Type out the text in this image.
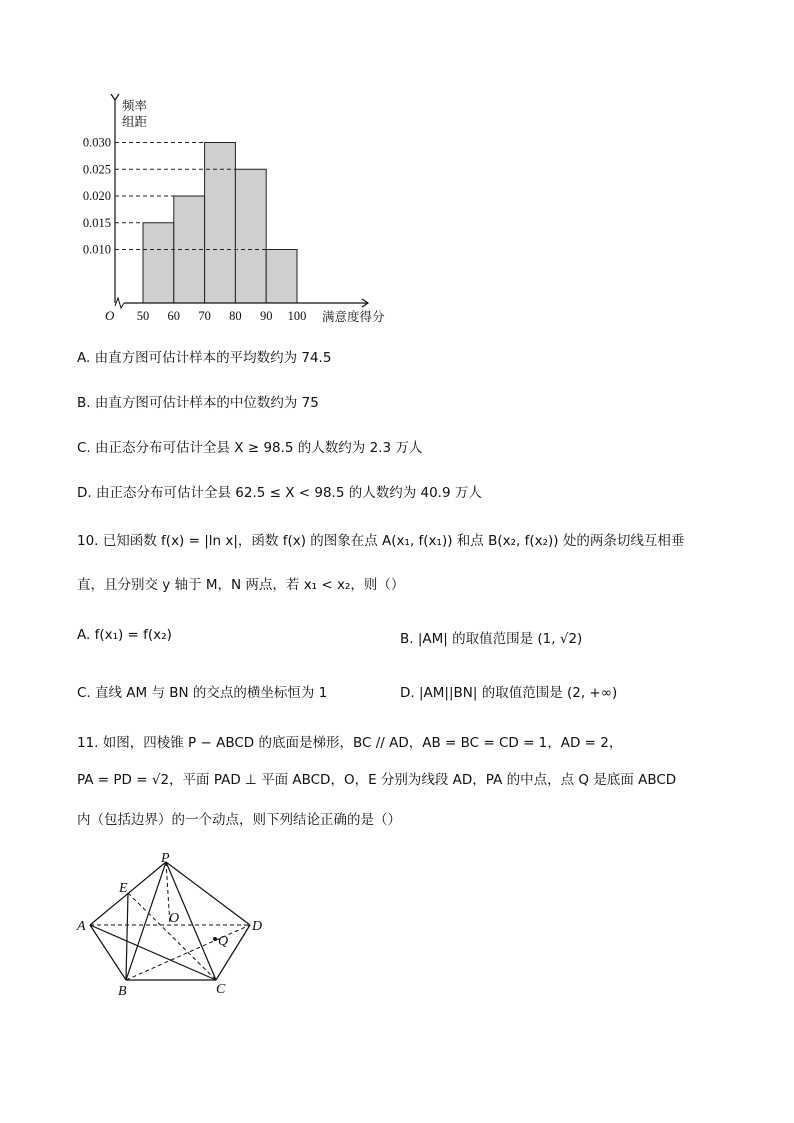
0.010
0.015
0.020
0.025
0.030
50 60 70 80 90 100
O
频率
组距
满意度得分
A. 由直方图可估计样本的平均数约为 74.5
B. 由直方图可估计样本的中位数约为 75
C. 由正态分布可估计全县 X ≥ 98.5 的人数约为 2.3 万人
D. 由正态分布可估计全县 62.5 ≤ X < 98.5 的人数约为 40.9 万人
10. 已知函数 f(x) = |ln x|，函数 f(x) 的图象在点 A(x₁, f(x₁)) 和点 B(x₂, f(x₂)) 处的两条切线互相垂
直，且分别交 y 轴于 M，N 两点，若 x₁ < x₂，则（）
A. f(x₁) = f(x₂)	B. |AM| 的取值范围是 (1, √2)
C. 直线 AM 与 BN 的交点的横坐标恒为 1	D. |AM||BN| 的取值范围是 (2, +∞)
11. 如图，四棱锥 P − ABCD 的底面是梯形，BC // AD，AB = BC = CD = 1，AD = 2，
PA = PD = √2，平面 PAD ⊥ 平面 ABCD，O，E 分别为线段 AD，PA 的中点，点 Q 是底面 ABCD
内（包括边界）的一个动点，则下列结论正确的是（）
P
E
A
O
D
Q
B	C
